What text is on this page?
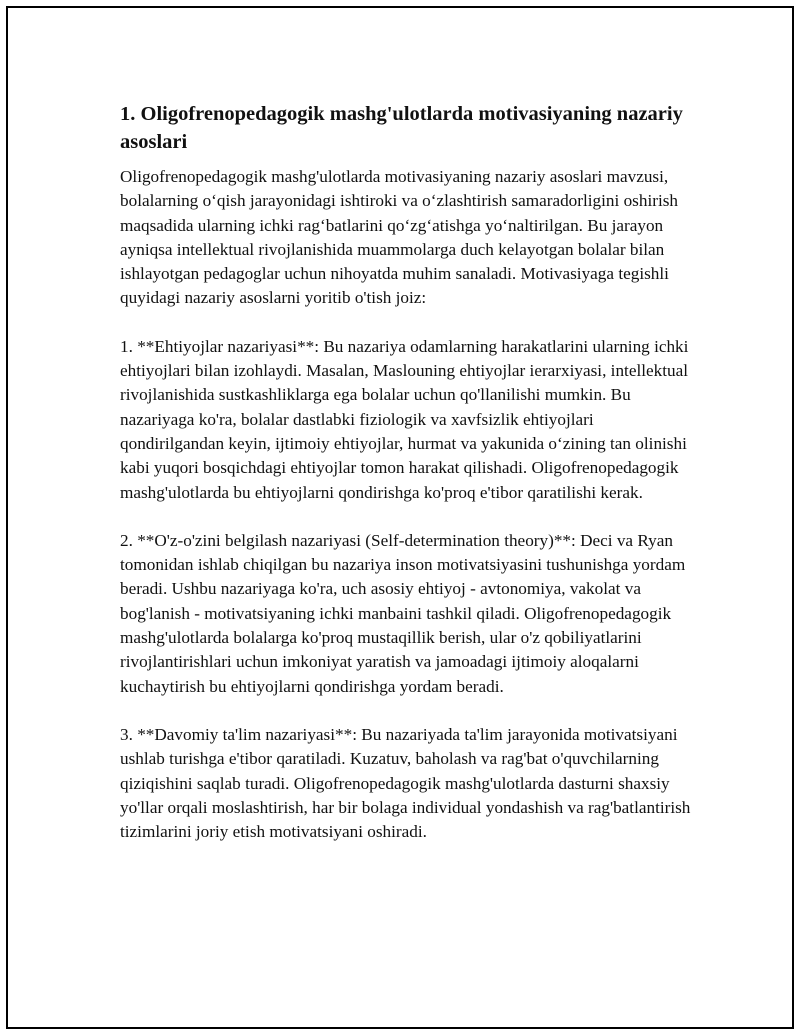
1. Oligofrenopedagogik mashg'ulotlarda motivasiyaning nazariy asoslari

Oligofrenopedagogik mashg'ulotlarda motivasiyaning nazariy asoslari mavzusi, bolalarning o‘qish jarayonidagi ishtiroki va o‘zlashtirish samaradorligini oshirish maqsadida ularning ichki rag‘batlarini qo‘zg‘atishga yo‘naltirilgan. Bu jarayon ayniqsa intellektual rivojlanishida muammolarga duch kelayotgan bolalar bilan ishlayotgan pedagoglar uchun nihoyatda muhim sanaladi. Motivasiyaga tegishli quyidagi nazariy asoslarni yoritib o'tish joiz:

1. **Ehtiyojlar nazariyasi**: Bu nazariya odamlarning harakatlarini ularning ichki ehtiyojlari bilan izohlaydi. Masalan, Maslouning ehtiyojlar ierarxiyasi, intellektual rivojlanishida sustkashliklarga ega bolalar uchun qo'llanilishi mumkin. Bu nazariyaga ko'ra, bolalar dastlabki fiziologik va xavfsizlik ehtiyojlari qondirilgandan keyin, ijtimoiy ehtiyojlar, hurmat va yakunida o‘zining tan olinishi kabi yuqori bosqichdagi ehtiyojlar tomon harakat qilishadi. Oligofrenopedagogik mashg'ulotlarda bu ehtiyojlarni qondirishga ko'proq e'tibor qaratilishi kerak.

2. **O'z-o'zini belgilash nazariyasi (Self-determination theory)**: Deci va Ryan tomonidan ishlab chiqilgan bu nazariya inson motivatsiyasini tushunishga yordam beradi. Ushbu nazariyaga ko'ra, uch asosiy ehtiyoj - avtonomiya, vakolat va bog'lanish - motivatsiyaning ichki manbaini tashkil qiladi. Oligofrenopedagogik mashg'ulotlarda bolalarga ko'proq mustaqillik berish, ular o'z qobiliyatlarini rivojlantirishlari uchun imkoniyat yaratish va jamoadagi ijtimoiy aloqalarni kuchaytirish bu ehtiyojlarni qondirishga yordam beradi.

3. **Davomiy ta'lim nazariyasi**: Bu nazariyada ta'lim jarayonida motivatsiyani ushlab turishga e'tibor qaratiladi. Kuzatuv, baholash va rag'bat o'quvchilarning qiziqishini saqlab turadi. Oligofrenopedagogik mashg'ulotlarda dasturni shaxsiy yo'llar orqali moslashtirish, har bir bolaga individual yondashish va rag'batlantirish tizimlarini joriy etish motivatsiyani oshiradi.
